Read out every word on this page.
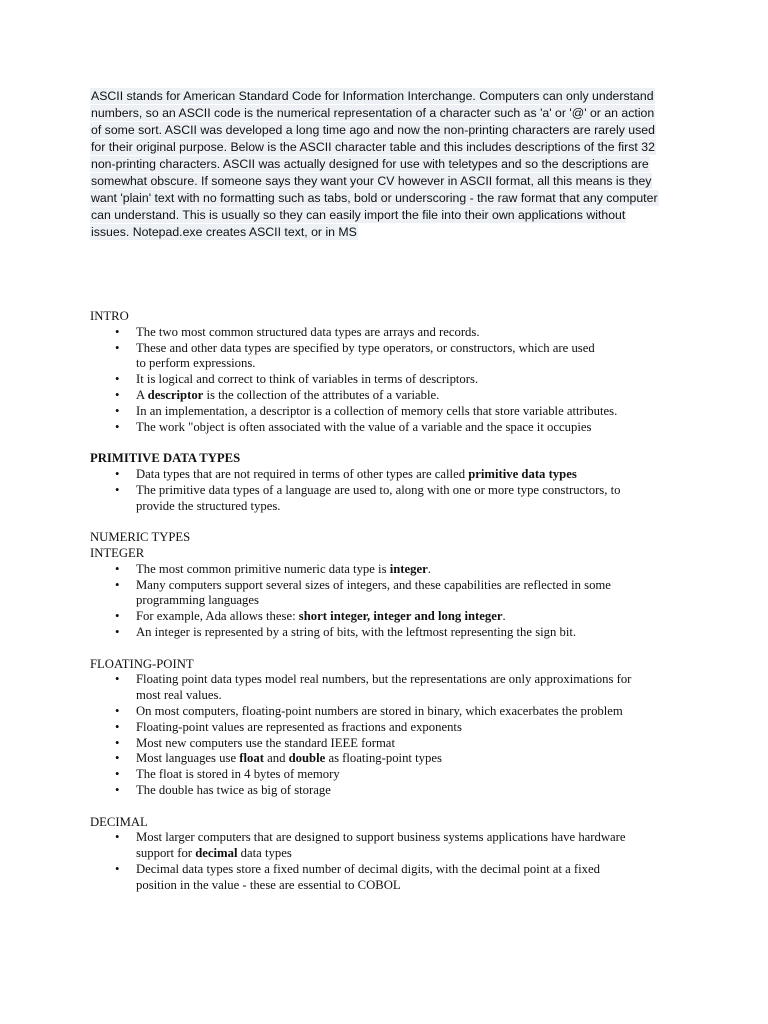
ASCII stands for American Standard Code for Information Interchange. Computers can only understand
numbers, so an ASCII code is the numerical representation of a character such as 'a' or '@' or an action
of some sort. ASCII was developed a long time ago and now the non-printing characters are rarely used
for their original purpose. Below is the ASCII character table and this includes descriptions of the first 32
non-printing characters. ASCII was actually designed for use with teletypes and so the descriptions are
somewhat obscure. If someone says they want your CV however in ASCII format, all this means is they
want 'plain' text with no formatting such as tabs, bold or underscoring - the raw format that any computer
can understand. This is usually so they can easily import the file into their own applications without
issues. Notepad.exe creates ASCII text, or in MS
INTRO
• The two most common structured data types are arrays and records.
• These and other data types are specified by type operators, or constructors, which are used
to perform expressions.
• It is logical and correct to think of variables in terms of descriptors.
• A descriptor is the collection of the attributes of a variable.
• In an implementation, a descriptor is a collection of memory cells that store variable attributes.
• The work "object is often associated with the value of a variable and the space it occupies
PRIMITIVE DATA TYPES
• Data types that are not required in terms of other types are called primitive data types
• The primitive data types of a language are used to, along with one or more type constructors, to
provide the structured types.
NUMERIC TYPES
INTEGER
• The most common primitive numeric data type is integer.
• Many computers support several sizes of integers, and these capabilities are reflected in some
programming languages
• For example, Ada allows these: short integer, integer and long integer.
• An integer is represented by a string of bits, with the leftmost representing the sign bit.
FLOATING-POINT
• Floating point data types model real numbers, but the representations are only approximations for
most real values.
• On most computers, floating-point numbers are stored in binary, which exacerbates the problem
• Floating-point values are represented as fractions and exponents
• Most new computers use the standard IEEE format
• Most languages use float and double as floating-point types
• The float is stored in 4 bytes of memory
• The double has twice as big of storage
DECIMAL
• Most larger computers that are designed to support business systems applications have hardware
support for decimal data types
• Decimal data types store a fixed number of decimal digits, with the decimal point at a fixed
position in the value - these are essential to COBOL
